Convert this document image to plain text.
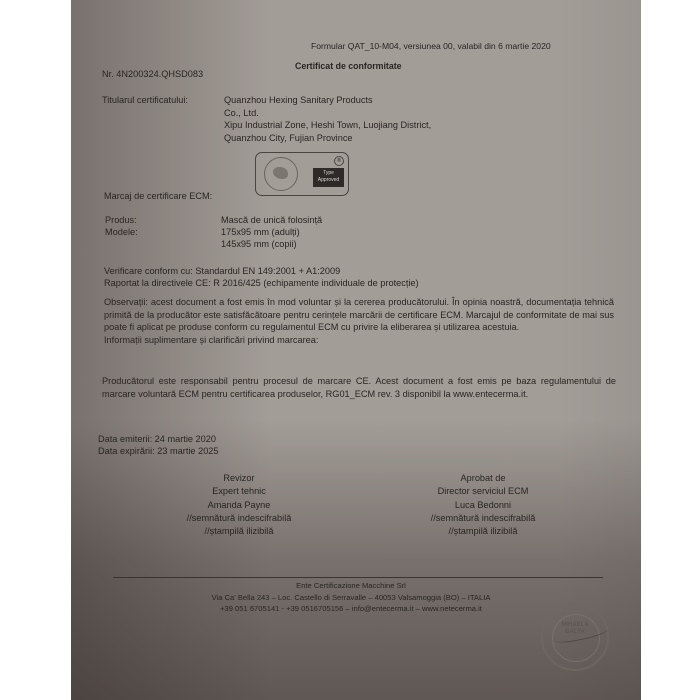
Formular QAT_10-M04, versiunea 00, valabil din 6 martie 2020
Certificat de conformitate
Nr. 4N200324.QHSD083
Titularul certificatului:	Quanzhou Hexing Sanitary Products
Co., Ltd.
Xipu Industrial Zone, Heshi Town, Luojiang District,
Quanzhou City, Fujian Province
®
Type
Approved
Marcaj de certificare ECM:
Produs:
Modele:
Mască de unică folosință
175x95 mm (adulți)
145x95 mm (copii)
Verificare conform cu: Standardul EN 149:2001 + A1:2009
Raportat la directivele CE: R 2016/425 (echipamente individuale de protecție)

Observații: acest document a fost emis în mod voluntar și la cererea producătorului. În opinia noastră, documentația tehnică primită de la producător este satisfăcătoare pentru cerințele marcării de certificare ECM. Marcajul de conformitate de mai sus poate fi aplicat pe produse conform cu regulamentul ECM cu privire la eliberarea și utilizarea acestuia.

Informații suplimentare și clarificări privind marcarea:

Producătorul este responsabil pentru procesul de marcare CE. Acest document a fost emis pe baza regulamentului de marcare voluntară ECM pentru certificarea produselor, RG01_ECM rev. 3 disponibil la www.entecerma.it.
Data emiterii: 24 martie 2020
Data expirării: 23 martie 2025
Revizor
Expert tehnic
Amanda Payne
//semnătură indescifrabilă
//ștampilă ilizibilă
Aprobat de
Director serviciul ECM
Luca Bedonni
//semnătură indescifrabilă
//ștampilă ilizibilă
Ente Certificazione Macchine Srl
Via Ca' Bella 243 – Loc. Castello di Serravalle – 40053 Valsamoggia (BO) – ITALIA
+39 051 6705141 - +39 0516705156 – info@entecerma.it – www.netecerma.it
MIHAELA
BALTA
